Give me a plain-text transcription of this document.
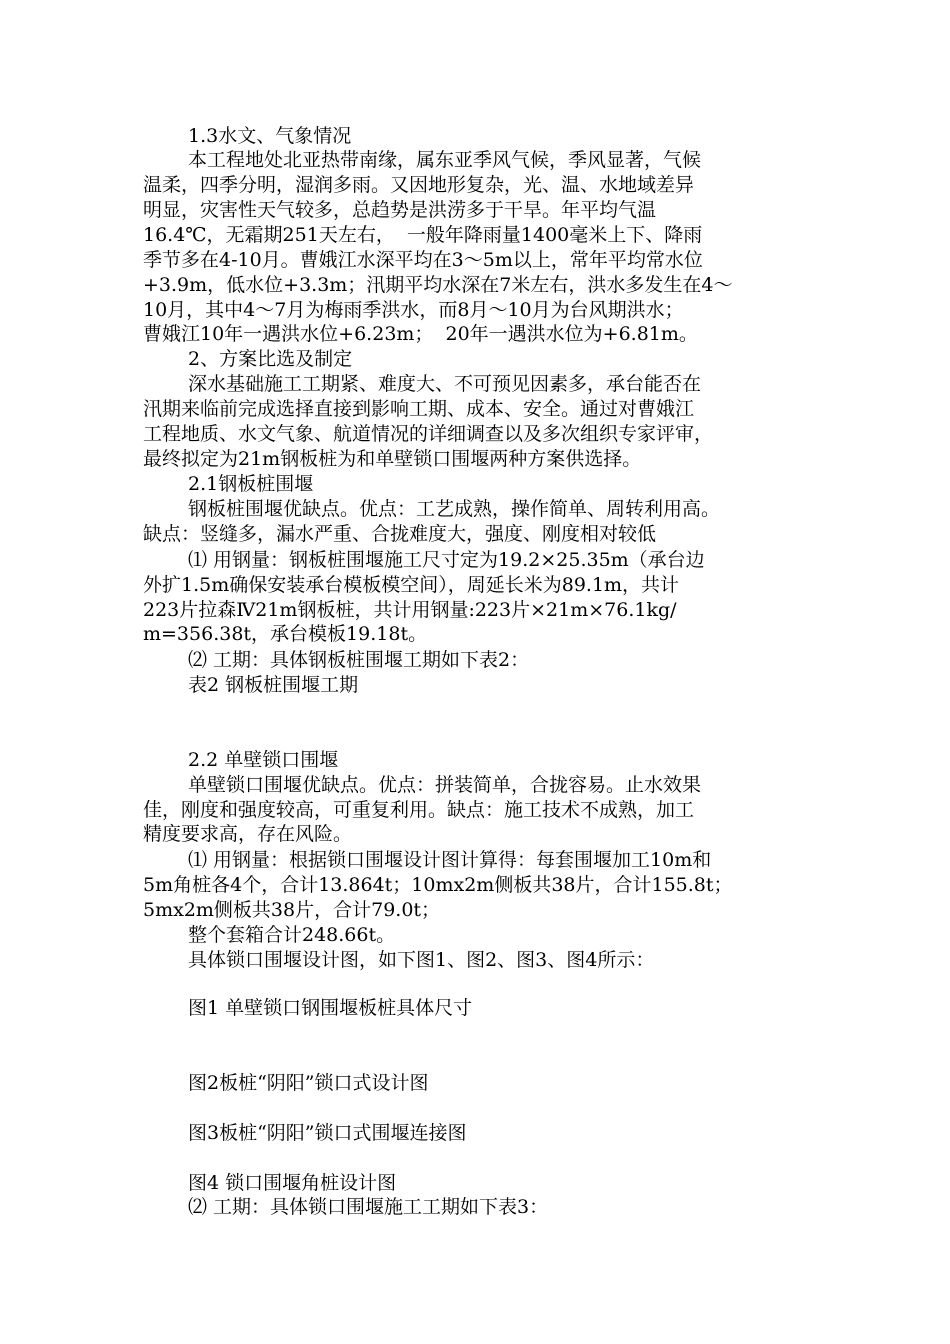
1.3水文、气象情况
本工程地处北亚热带南缘，属东亚季风气候，季风显著，气候
温柔，四季分明，湿润多雨。又因地形复杂，光、温、水地域差异
明显，灾害性天气较多，总趋势是洪涝多于干旱。年平均气温
16.4℃，无霜期251天左右，  一般年降雨量1400毫米上下、降雨
季节多在4-10月。曹娥江水深平均在3～5m以上，常年平均常水位
+3.9m，低水位+3.3m；汛期平均水深在7米左右，洪水多发生在4～
10月，其中4～7月为梅雨季洪水，而8月～10月为台风期洪水；
曹娥江10年一遇洪水位+6.23m；  20年一遇洪水位为+6.81m。
2、方案比选及制定
深水基础施工工期紧、难度大、不可预见因素多，承台能否在
汛期来临前完成选择直接到影响工期、成本、安全。通过对曹娥江
工程地质、水文气象、航道情况的详细调查以及多次组织专家评审，
最终拟定为21m钢板桩为和单壁锁口围堰两种方案供选择。
2.1钢板桩围堰
钢板桩围堰优缺点。优点：工艺成熟，操作简单、周转利用高。
缺点：竖缝多，漏水严重、合拢难度大，强度、刚度相对较低
⑴ 用钢量：钢板桩围堰施工尺寸定为19.2×25.35m（承台边
外扩1.5m确保安装承台模板模空间），周延长米为89.1m，共计
223片拉森Ⅳ21m钢板桩，共计用钢量:223片×21m×76.1kg/
m=356.38t，承台模板19.18t。
⑵ 工期：具体钢板桩围堰工期如下表2：
表2 钢板桩围堰工期
2.2 单壁锁口围堰
单壁锁口围堰优缺点。优点：拼装简单，合拢容易。止水效果
佳，刚度和强度较高，可重复利用。缺点：施工技术不成熟，加工
精度要求高，存在风险。
⑴ 用钢量：根据锁口围堰设计图计算得：每套围堰加工10m和
5m角桩各4个，合计13.864t；10mx2m侧板共38片，合计155.8t；
5mx2m侧板共38片，合计79.0t；
整个套箱合计248.66t。
具体锁口围堰设计图，如下图1、图2、图3、图4所示：
图1 单壁锁口钢围堰板桩具体尺寸
图2板桩“阴阳”锁口式设计图
图3板桩“阴阳”锁口式围堰连接图
图4 锁口围堰角桩设计图
⑵ 工期：具体锁口围堰施工工期如下表3：
